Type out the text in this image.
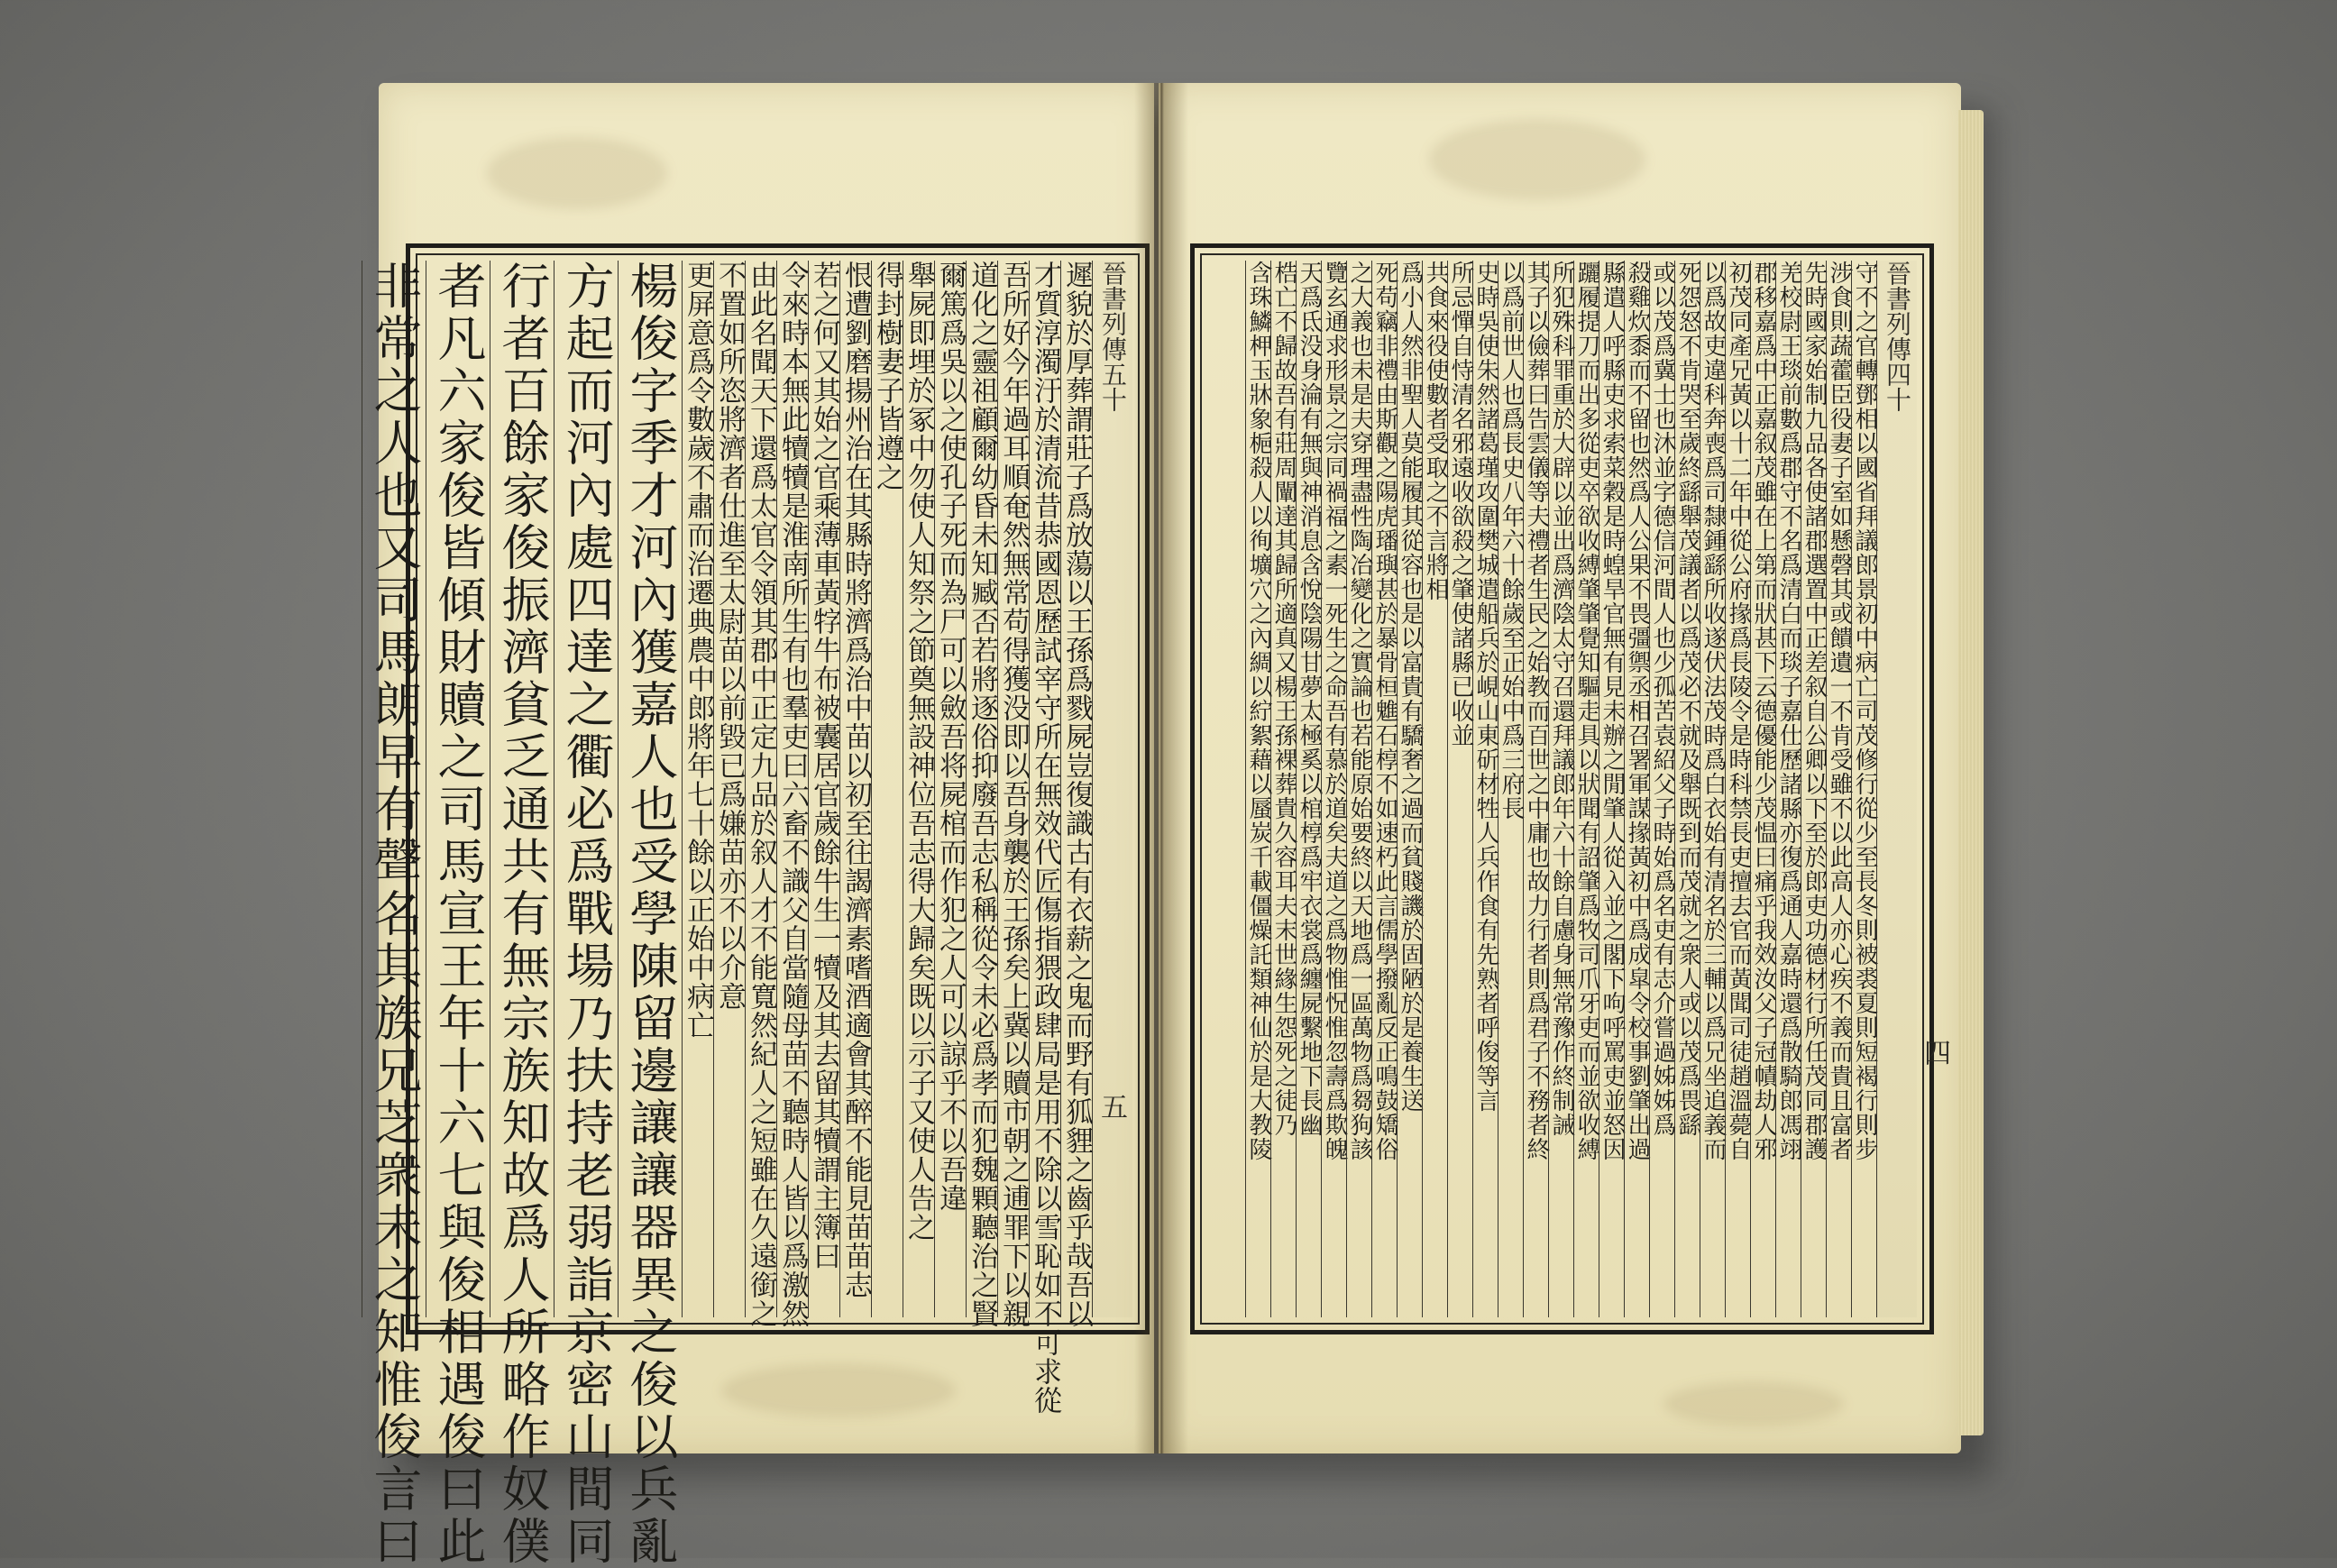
晉書列傳五十
遲貌於厚葬謂莊子爲放蕩以王孫爲戮屍豈復識古有衣薪之鬼而野有狐貍之齒乎哉吾以
才質淳濁汙於清流昔恭國恩歷試宰守所在無效代匠傷指猥政肆局是用不除以雪恥如不可求從
吾所好今年過耳順奄然無常苟得獲没即以吾身襲於王孫矣上冀以贖市朝之逋罪下以親
道化之靈祖顧爾幼昏未知臧否若將逐俗抑廢吾志私稱從令未必爲孝而犯魏顆聽治之賢
爾篤爲吳以之使孔子死而為尸可以斂吾将屍棺而作犯之人可以諒乎不以吾違
舉屍即埋於冢中勿使人知祭之節奠無設神位吾志得大歸矣既以示子又使人告之
得封樹妻子皆遵之
恨遭劉磨揚州治在其縣時將濟爲治中苗以初至往謁濟素嗜酒適會其醉不能見苗苗志
若之何又其始之官乘薄車黃牸牛布被囊居官歲餘牛生一犢及其去留其犢謂主簿曰
令來時本無此犢犢是淮南所生有也羣吏曰六畜不識父自當隨母苗不聽時人皆以爲激然
由此名聞天下還爲太官令領其郡中正定九品於叙人才不能寬然紀人之短雖在久遠銜之
不置如所恣將濟者仕進至太尉苗以前毀已爲嫌苗亦不以介意
更屏意爲令數歲不肅而治遷典農中郎將年七十餘以正始中病亡
楊俊字季才河內獲嘉人也受學陳留邊讓讓器異之俊以兵亂
方起而河內處四達之衢必爲戰場乃扶持老弱詣京密山間同
行者百餘家俊振濟貧乏通共有無宗族知故爲人所略作奴僕
者凡六家俊皆傾財贖之司馬宣王年十六七與俊相遇俊曰此
非常之人也又司馬朗早有聲名其族兄芝衆未之知惟俊言曰	五
晉書列傳四十
守不之官轉鄧相以國省拜議郎景初中病亡司茂修行從少至長冬則被裘夏則短褐行則步
涉食則蔬藿臣役妻子室如懸磬其或饋遺一不肯受雖不以此高人亦心疾不義而貴且富者
先時國家始制九品各使諸郡選置中正差叙自公卿以下至於郎吏功德材行所任茂同郡護
羌校尉王琰前數爲郡守不名爲清白而琰子嘉仕歷諸縣亦復爲通人嘉時還爲散騎郎馮翊
郡移嘉爲中正嘉叙茂雖在上第而狀甚下云德優能少茂愠曰痛乎我效汝父子冠幘劫人邪
初茂同產兄黃以十二年中從公府掾爲長陵令是時科禁長吏擅去官而黃聞司徒趙溫薨自
以爲故吏違科奔喪爲司隸鍾繇所收遂伏法茂時爲白衣始有清名於三輔以爲兄坐追義而
死怨怒不肯哭至歲終繇舉茂議者以爲茂必不就及舉既到而茂就之衆人或以茂爲畏繇
或以茂爲冀士也沐並字德信河間人也少孤苦袁紹父子時始爲名吏有志介嘗過姊姊爲
殺雞炊黍而不留也然爲人公果不畏彊禦丞相召署軍謀掾黃初中爲成皐令校事劉肇出過
縣遣人呼縣吏求索菜穀是時蝗旱官無有見未辦之閒肇人從入並之閣下呴呼罵吏並怒因
躧履提刀而出多從吏卒欲收縛肇肇覺知驅走具以狀聞有詔肇爲牧司爪牙吏而並欲收縛
所犯殊科罪重於大辟以並出爲濟陰太守召還拜議郎年六十餘自慮身無常豫作終制誡
其子以儉葬曰告雲儀等夫禮者生民之始教而百世之中庸也故力行者則爲君子不務者終
以爲前世人也爲長史八年六十餘歲至正始中爲三府長
史時吳使朱然諸葛瑾攻圍樊城遣船兵於峴山東斫材牲人兵作食有先熟者呼俊等言
所忌憚自恃清名邪遠收欲殺之肇使諸縣已收並
共食來役使數者受取之不言將相
爲小人然非聖人莫能履其從容也是以富貴有驕奢之過而貧賤譏於固陋於是養生送
死苟竊非禮由斯觀之陽虎璠璵甚於暴骨桓魋石椁不如速朽此言儒學撥亂反正鳴鼓矯俗
之大義也未是夫穿理盡性陶冶變化之實論也若能原始要終以天地爲一區萬物爲芻狗該
覽玄通求形景之宗同禍福之素一死生之命吾有慕於道矣夫道之爲物惟怳惟忽壽爲欺魄
天爲氐没身淪有無與神消息含悅陰陽甘夢太極奚以棺椁爲牢衣裳爲纏屍繫地下長幽
梏亡不歸故吾有莊周闡達其歸所適真又楊王孫裸葬貴久容耳夫末世緣生怨死之徒乃
含珠鱗柙玉牀象梔殺人以徇壙穴之內綢以紵絮藉以蜃炭千載僵燥託類神仙於是大教陵	四
